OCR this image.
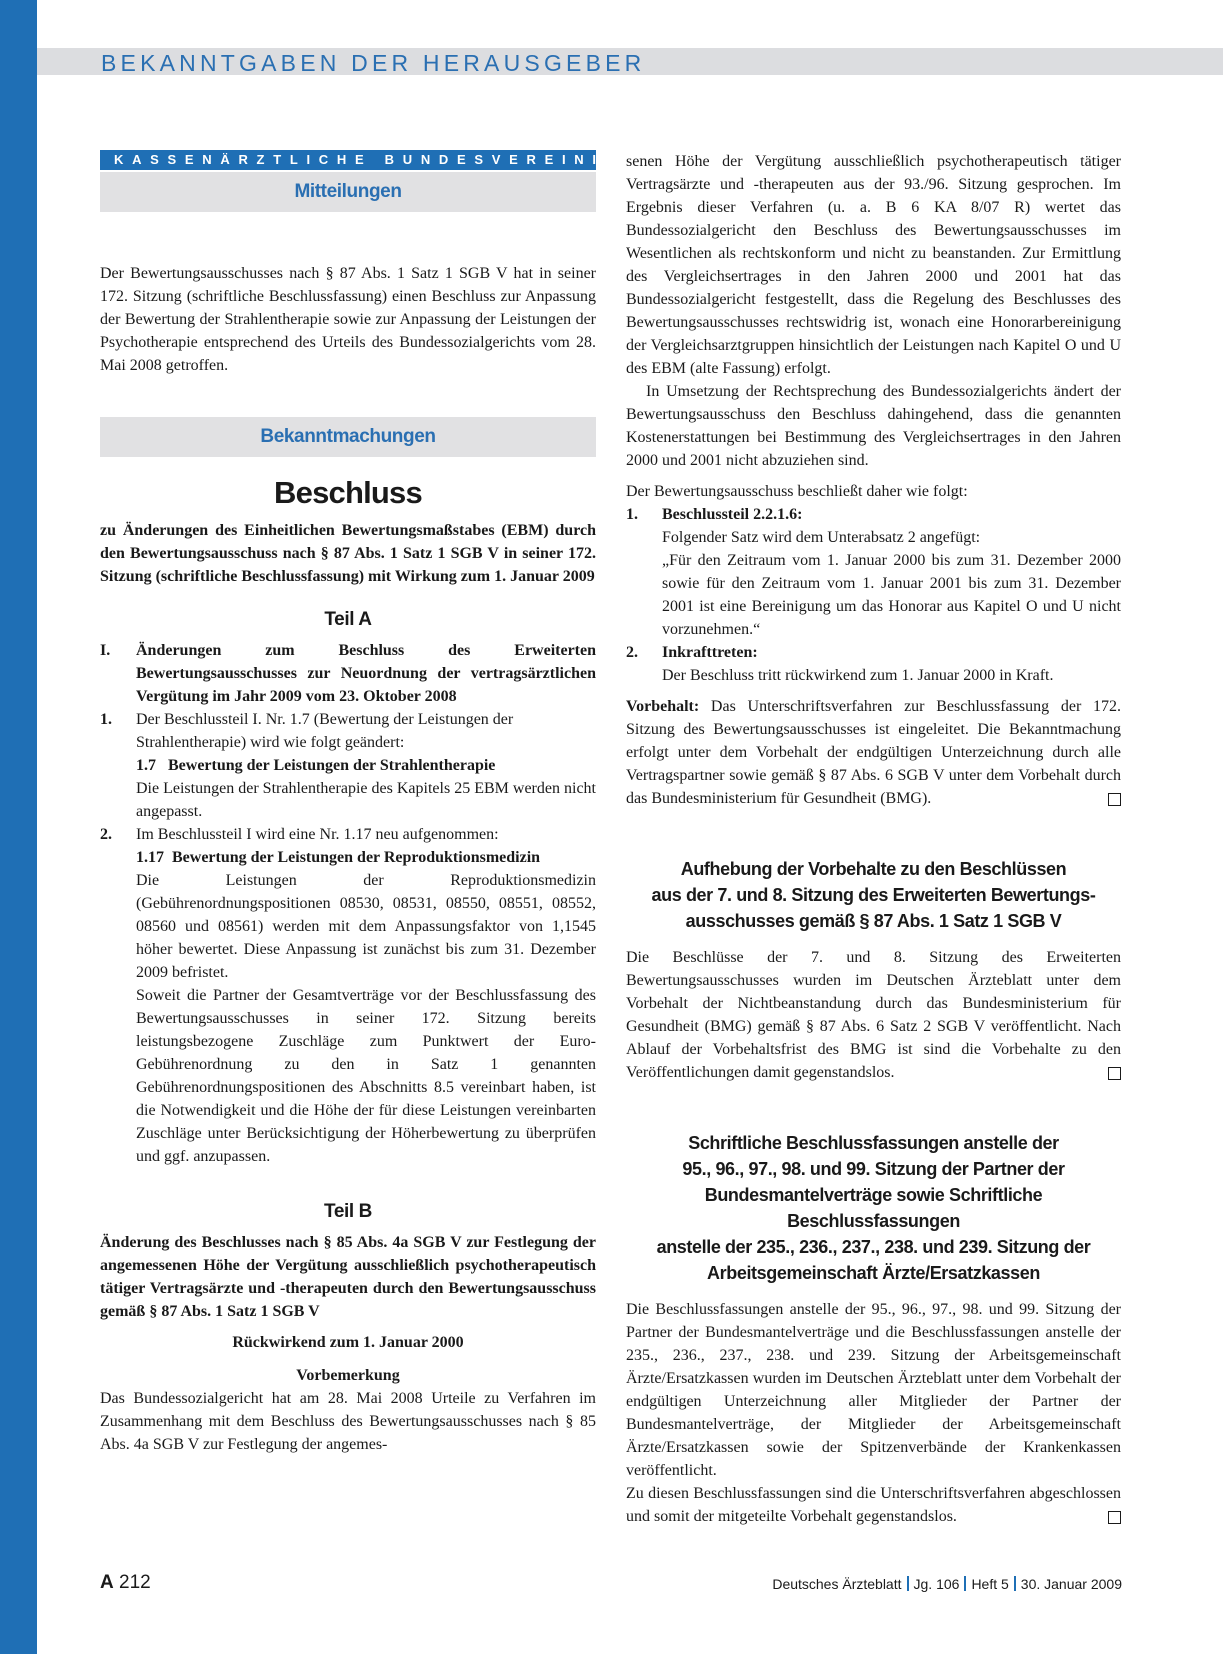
BEKANNTGABEN DER HERAUSGEBER
KASSENÄRZTLICHE BUNDESVEREINIGUNG
Mitteilungen

Der Bewertungsausschusses nach § 87 Abs. 1 Satz 1 SGB V hat in seiner 172. Sitzung (schriftliche Beschlussfassung) einen Beschluss zur Anpassung der Bewertung der Strahlentherapie sowie zur Anpassung der Leistungen der Psychotherapie entsprechend des Urteils des Bundessozialgerichts vom 28. Mai 2008 getroffen.

Bekanntmachungen
Beschluss

zu Änderungen des Einheitlichen Bewertungsmaßstabes (EBM) durch den Bewertungsausschuss nach § 87 Abs. 1 Satz 1 SGB V in seiner 172. Sitzung (schriftliche Beschlussfassung) mit Wirkung zum 1. Januar 2009

Teil A
I.	Änderungen zum Beschluss des Erweiterten Bewertungsausschusses zur Neuordnung der vertragsärztlichen Vergütung im Jahr 2009 vom 23. Oktober 2008

1.	Der Beschlussteil I. Nr. 1.7 (Bewertung der Leistungen der Strahlentherapie) wird wie folgt geändert:

1.7   Bewertung der Leistungen der Strahlentherapie

Die Leistungen der Strahlentherapie des Kapitels 25 EBM werden nicht angepasst.

2.	Im Beschlussteil I wird eine Nr. 1.17 neu aufgenommen:

1.17  Bewertung der Leistungen der Reproduktionsmedizin

Die Leistungen der Reproduktionsmedizin (Gebührenordnungspositionen 08530, 08531, 08550, 08551, 08552, 08560 und 08561) werden mit dem Anpassungsfaktor von 1,1545 höher bewertet. Diese Anpassung ist zunächst bis zum 31. Dezember 2009 befristet.

Soweit die Partner der Gesamtverträge vor der Beschlussfassung des Bewertungsausschusses in seiner 172. Sitzung bereits leistungsbezogene Zuschläge zum Punktwert der Euro-Gebührenordnung zu den in Satz 1 genannten Gebührenordnungspositionen des Abschnitts 8.5 vereinbart haben, ist die Notwendigkeit und die Höhe der für diese Leistungen vereinbarten Zuschläge unter Berücksichtigung der Höherbewertung zu überprüfen und ggf. anzupassen.

Teil B

Änderung des Beschlusses nach § 85 Abs. 4a SGB V zur Festlegung der angemessenen Höhe der Vergütung ausschließlich psychotherapeutisch tätiger Vertragsärzte und -therapeuten durch den Bewertungsausschuss gemäß § 87 Abs. 1 Satz 1 SGB V

Rückwirkend zum 1. Januar 2000

Vorbemerkung

Das Bundessozialgericht hat am 28. Mai 2008 Urteile zu Verfahren im Zusammenhang mit dem Beschluss des Bewertungsausschusses nach § 85 Abs. 4a SGB V zur Festlegung der angemes-

senen Höhe der Vergütung ausschließlich psychotherapeutisch tätiger Vertragsärzte und -therapeuten aus der 93./96. Sitzung gesprochen. Im Ergebnis dieser Verfahren (u. a. B 6 KA 8/07 R) wertet das Bundessozialgericht den Beschluss des Bewertungsausschusses im Wesentlichen als rechtskonform und nicht zu beanstanden. Zur Ermittlung des Vergleichsertrages in den Jahren 2000 und 2001 hat das Bundessozialgericht festgestellt, dass die Regelung des Beschlusses des Bewertungsausschusses rechtswidrig ist, wonach eine Honorarbereinigung der Vergleichsarztgruppen hinsichtlich der Leistungen nach Kapitel O und U des EBM (alte Fassung) erfolgt.

In Umsetzung der Rechtsprechung des Bundessozialgerichts ändert der Bewertungsausschuss den Beschluss dahingehend, dass die genannten Kostenerstattungen bei Bestimmung des Vergleichsertrages in den Jahren 2000 und 2001 nicht abzuziehen sind.

Der Bewertungsausschuss beschließt daher wie folgt:

1.	Beschlussteil 2.2.1.6:

Folgender Satz wird dem Unterabsatz 2 angefügt:

„Für den Zeitraum vom 1. Januar 2000 bis zum 31. Dezember 2000 sowie für den Zeitraum vom 1. Januar 2001 bis zum 31. Dezember 2001 ist eine Bereinigung um das Honorar aus Kapitel O und U nicht vorzunehmen.“

2.	Inkrafttreten:

Der Beschluss tritt rückwirkend zum 1. Januar 2000 in Kraft.

Vorbehalt: Das Unterschriftsverfahren zur Beschlussfassung der 172. Sitzung des Bewertungsausschusses ist eingeleitet. Die Bekanntmachung erfolgt unter dem Vorbehalt der endgültigen Unterzeichnung durch alle Vertragspartner sowie gemäß § 87 Abs. 6 SGB V unter dem Vorbehalt durch das Bundesministerium für Gesundheit (BMG).

Aufhebung der Vorbehalte zu den Beschlüssen
aus der 7. und 8. Sitzung des Erweiterten Bewertungs-
ausschusses gemäß § 87 Abs. 1 Satz 1 SGB V

Die Beschlüsse der 7. und 8. Sitzung des Erweiterten Bewertungsausschusses wurden im Deutschen Ärzteblatt unter dem Vorbehalt der Nichtbeanstandung durch das Bundesministerium für Gesundheit (BMG) gemäß § 87 Abs. 6 Satz 2 SGB V veröffentlicht. Nach Ablauf der Vorbehaltsfrist des BMG ist sind die Vorbehalte zu den Veröffentlichungen damit gegenstandslos.

Schriftliche Beschlussfassungen anstelle der
95., 96., 97., 98. und 99. Sitzung der Partner der
Bundesmantelverträge sowie Schriftliche Beschlussfassungen
anstelle der 235., 236., 237., 238. und 239. Sitzung der
Arbeitsgemeinschaft Ärzte/Ersatzkassen

Die Beschlussfassungen anstelle der 95., 96., 97., 98. und 99. Sitzung der Partner der Bundesmantelverträge und die Beschlussfassungen anstelle der 235., 236., 237., 238. und 239. Sitzung der Arbeitsgemeinschaft Ärzte/Ersatzkassen wurden im Deutschen Ärzteblatt unter dem Vorbehalt der endgültigen Unterzeichnung aller Mitglieder der Partner der Bundesmantelverträge, der Mitglieder der Arbeitsgemeinschaft Ärzte/Ersatzkassen sowie der Spitzenverbände der Krankenkassen veröffentlicht.

Zu diesen Beschlussfassungen sind die Unterschriftsverfahren abgeschlossen und somit der mitgeteilte Vorbehalt gegenstandslos.

A 212	Deutsches Ärzteblatt Jg. 106 Heft 5 30. Januar 2009
